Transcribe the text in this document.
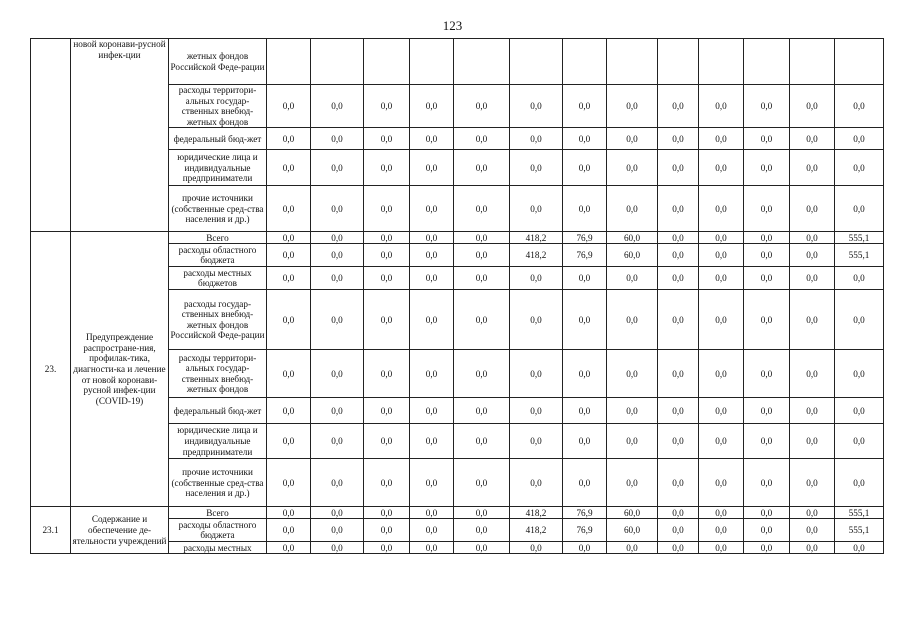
123
	новой коронави-русной инфек-ции	жетных фондов Российской Феде-рации													
		расходы территори-альных государ-ственных внебюд-жетных фондов	0,0	0,0	0,0	0,0	0,0	0,0	0,0	0,0	0,0	0,0	0,0	0,0	0,0
		федеральный бюд-жет	0,0	0,0	0,0	0,0	0,0	0,0	0,0	0,0	0,0	0,0	0,0	0,0	0,0
		юридические лица и индивидуальные предприниматели	0,0	0,0	0,0	0,0	0,0	0,0	0,0	0,0	0,0	0,0	0,0	0,0	0,0
		прочие источники (собственные сред-ства населения и др.)	0,0	0,0	0,0	0,0	0,0	0,0	0,0	0,0	0,0	0,0	0,0	0,0	0,0
23.	Предупреждение распростране-ния, профилак-тика, диагности-ка и лечение от новой коронави-русной инфек-ции (COVID-19)	Всего	0,0	0,0	0,0	0,0	0,0	418,2	76,9	60,0	0,0	0,0	0,0	0,0	555,1
		расходы областного бюджета	0,0	0,0	0,0	0,0	0,0	418,2	76,9	60,0	0,0	0,0	0,0	0,0	555,1
		расходы местных бюджетов	0,0	0,0	0,0	0,0	0,0	0,0	0,0	0,0	0,0	0,0	0,0	0,0	0,0
		расходы государ-ственных внебюд-жетных фондов Российской Феде-рации	0,0	0,0	0,0	0,0	0,0	0,0	0,0	0,0	0,0	0,0	0,0	0,0	0,0
		расходы территори-альных государ-ственных внебюд-жетных фондов	0,0	0,0	0,0	0,0	0,0	0,0	0,0	0,0	0,0	0,0	0,0	0,0	0,0
		федеральный бюд-жет	0,0	0,0	0,0	0,0	0,0	0,0	0,0	0,0	0,0	0,0	0,0	0,0	0,0
		юридические лица и индивидуальные предприниматели	0,0	0,0	0,0	0,0	0,0	0,0	0,0	0,0	0,0	0,0	0,0	0,0	0,0
		прочие источники (собственные сред-ства населения и др.)	0,0	0,0	0,0	0,0	0,0	0,0	0,0	0,0	0,0	0,0	0,0	0,0	0,0
23.1	Содержание и обеспечение де-ятельности учреждений	Всего	0,0	0,0	0,0	0,0	0,0	418,2	76,9	60,0	0,0	0,0	0,0	0,0	555,1
		расходы областного бюджета	0,0	0,0	0,0	0,0	0,0	418,2	76,9	60,0	0,0	0,0	0,0	0,0	555,1
		расходы местных	0,0	0,0	0,0	0,0	0,0	0,0	0,0	0,0	0,0	0,0	0,0	0,0	0,0
